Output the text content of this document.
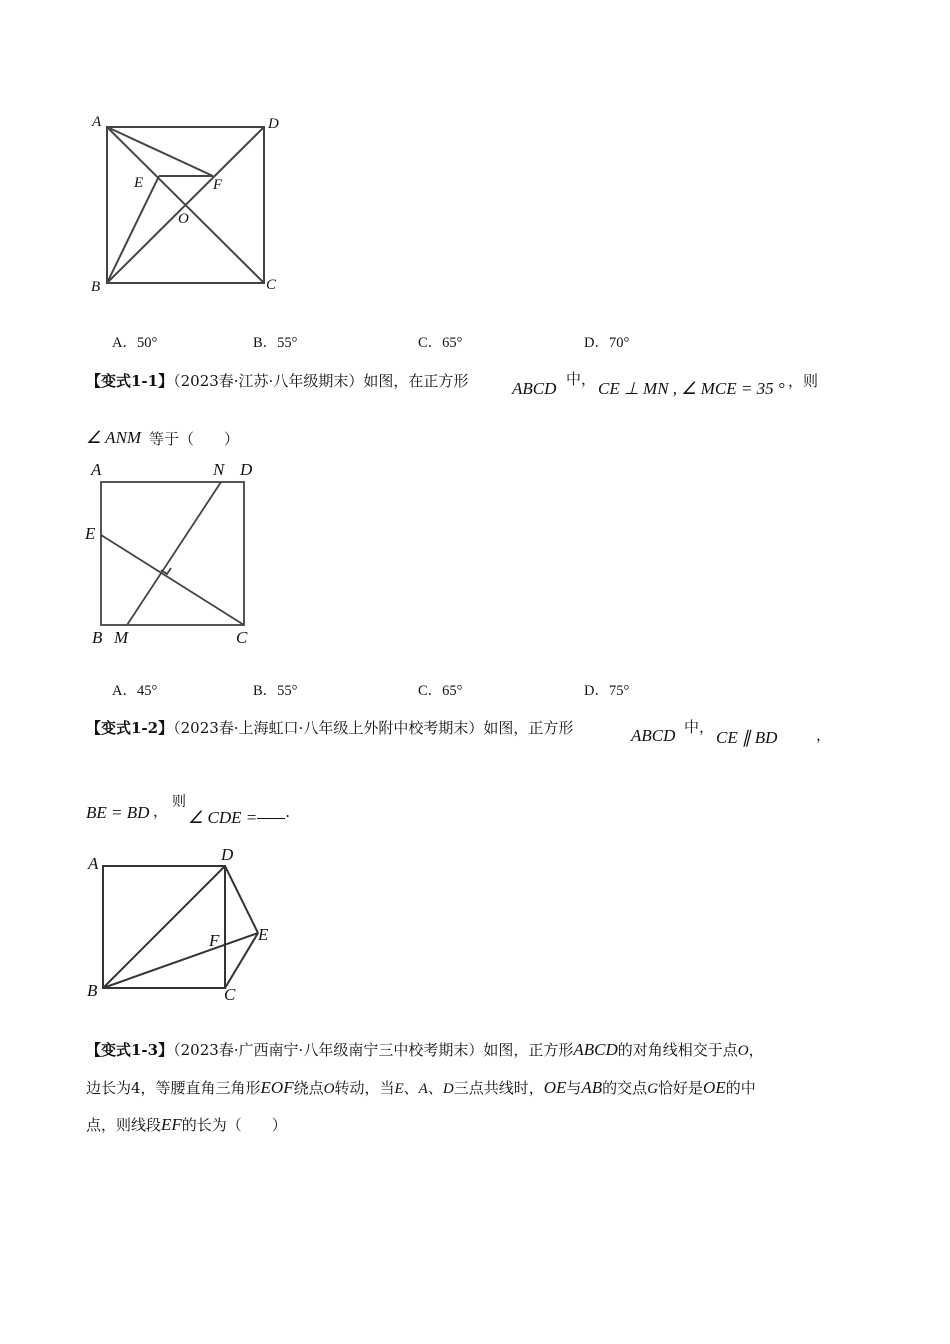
A	D
E	F
O
B	C
A．50°	B．55°	C．65°	D．70°
【变式1-1】（2023春·江苏·八年级期末）如图，在正方形	ABCD 中， CE ⊥ MN , ∠ MCE = 35 ° ，则
∠ ANM 等于（　　）
A	N D
E
B M	C
A．45°	B．55°	C．65°	D．75°
【变式1-2】（2023春·上海虹口·八年级上外附中校考期末）如图，正方形	ABCD 中，
CE ∥ BD	，
BE = BD ， 则
∠ CDE = .
A	D
F E
B	C
【变式1-3】（2023春·广西南宁·八年级南宁三中校考期末）如图，正方形ABCD的对角线相交于点O，
边长为4，等腰直角三角形EOF绕点O转动，当E、A、D三点共线时，OE与AB的交点G恰好是OE的中
点，则线段EF的长为（　　）
